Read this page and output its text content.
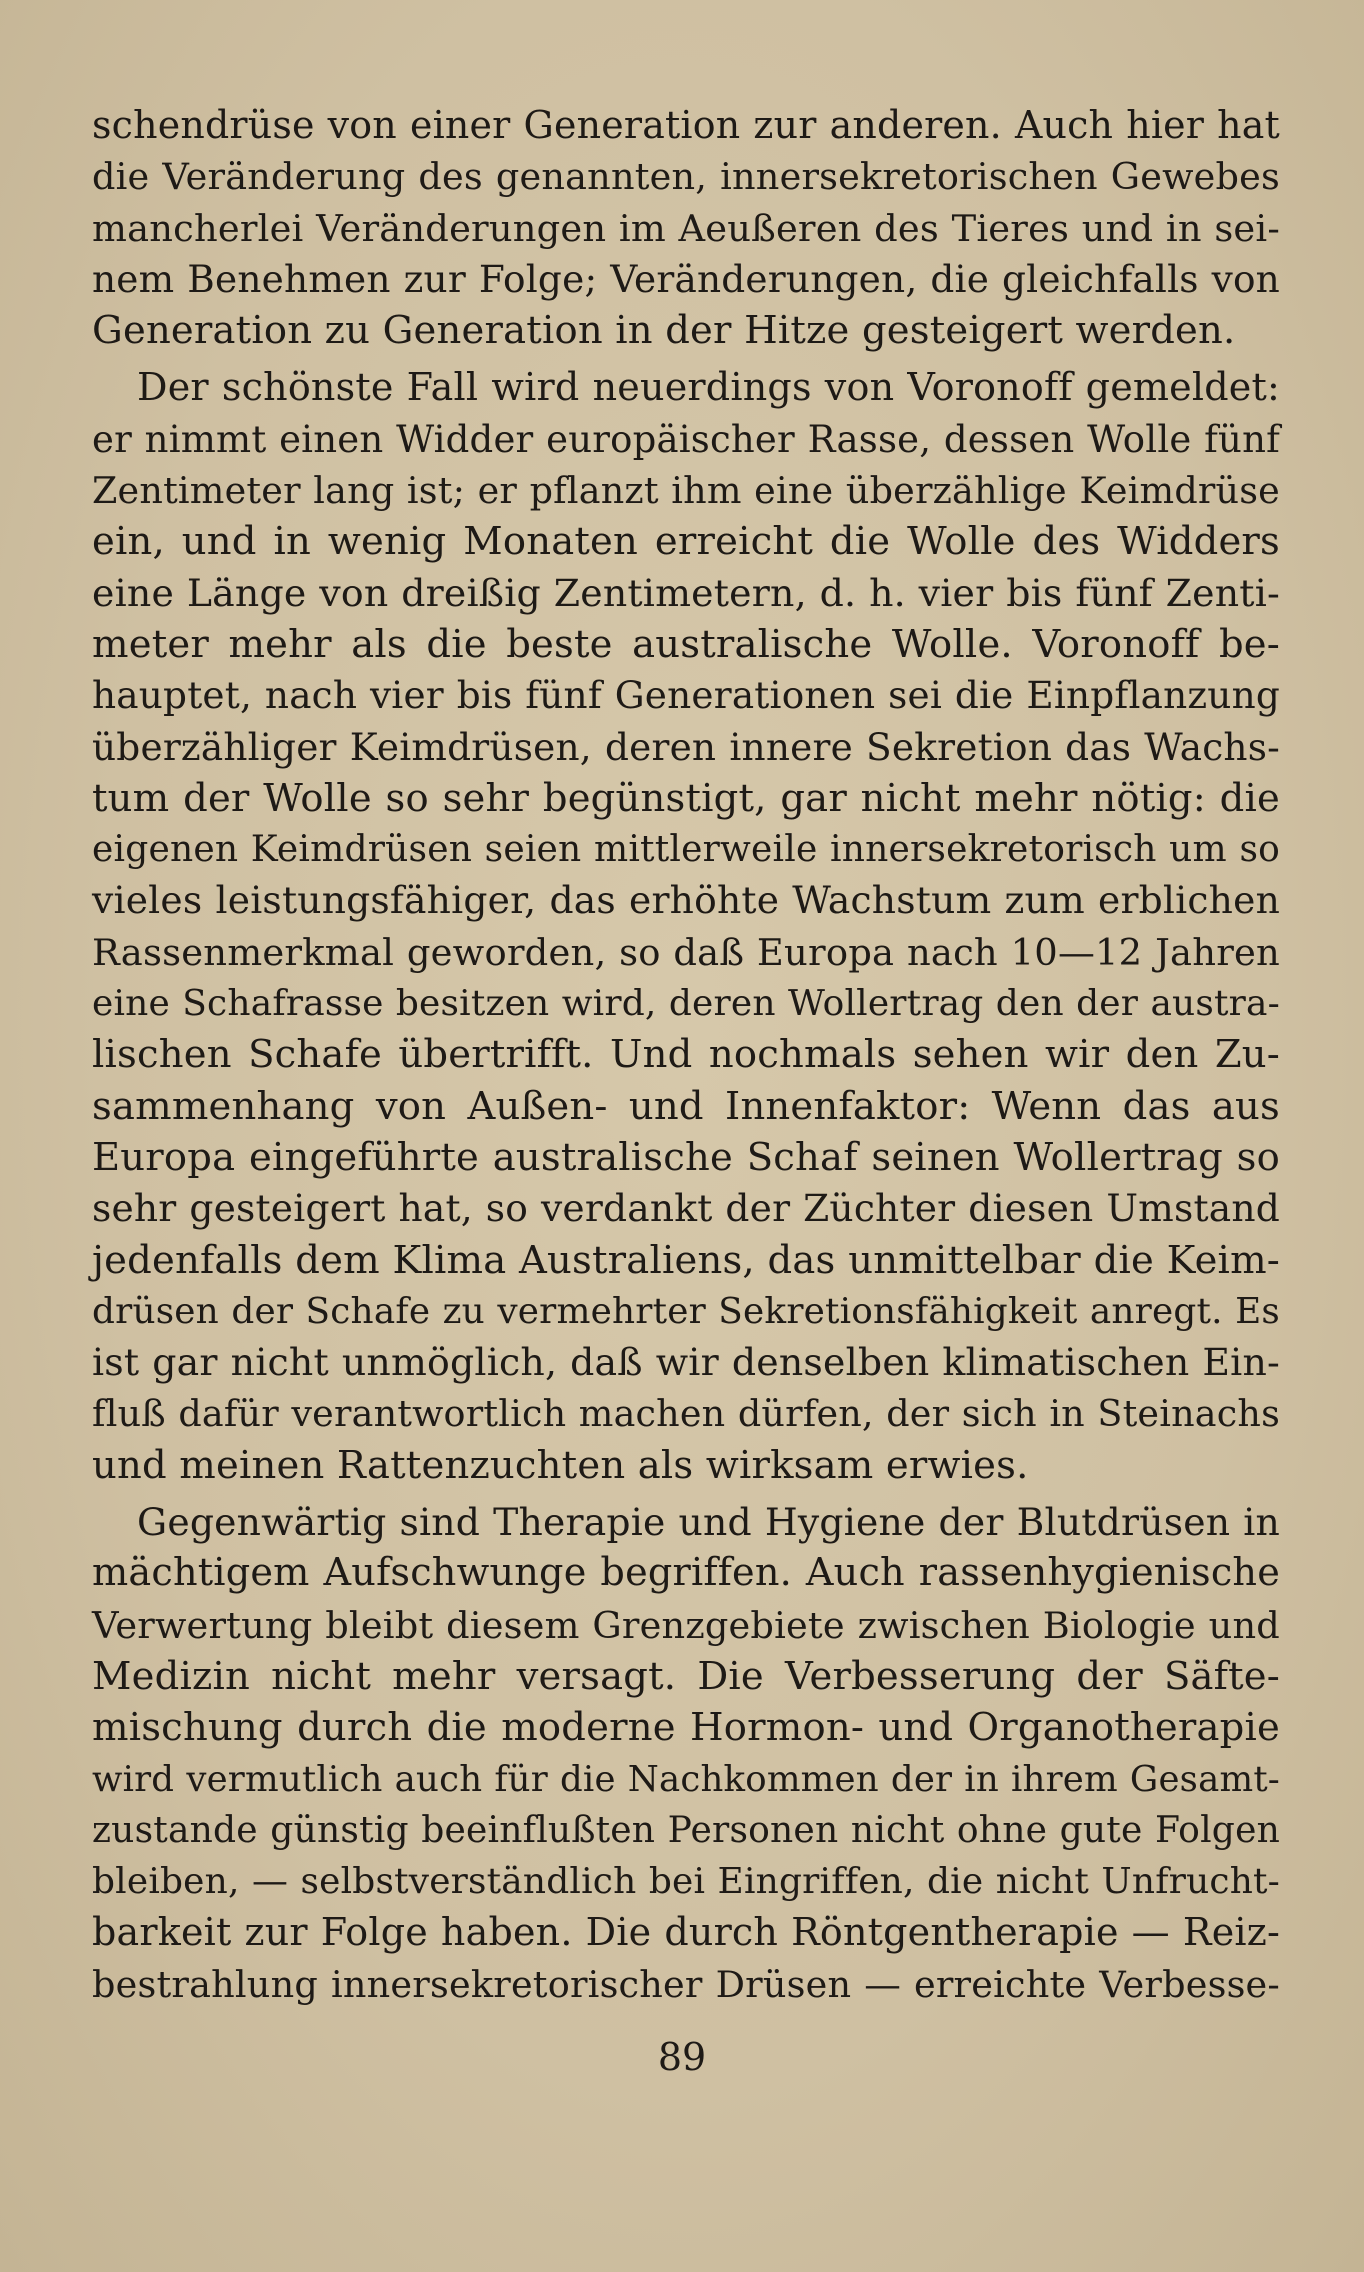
schendrüse von einer Generation zur anderen. Auch hier hat
die Veränderung des genannten, innersekretorischen Gewebes
mancherlei Veränderungen im Aeußeren des Tieres und in sei-
nem Benehmen zur Folge; Veränderungen, die gleichfalls von
Generation zu Generation in der Hitze gesteigert werden.
Der schönste Fall wird neuerdings von Voronoff gemeldet:
er nimmt einen Widder europäischer Rasse, dessen Wolle fünf
Zentimeter lang ist; er pflanzt ihm eine überzählige Keimdrüse
ein, und in wenig Monaten erreicht die Wolle des Widders
eine Länge von dreißig Zentimetern, d. h. vier bis fünf Zenti-
meter mehr als die beste australische Wolle. Voronoff be-
hauptet, nach vier bis fünf Generationen sei die Einpflanzung
überzähliger Keimdrüsen, deren innere Sekretion das Wachs-
tum der Wolle so sehr begünstigt, gar nicht mehr nötig: die
eigenen Keimdrüsen seien mittlerweile innersekretorisch um so
vieles leistungsfähiger, das erhöhte Wachstum zum erblichen
Rassenmerkmal geworden, so daß Europa nach 10—12 Jahren
eine Schafrasse besitzen wird, deren Wollertrag den der austra-
lischen Schafe übertrifft. Und nochmals sehen wir den Zu-
sammenhang von Außen- und Innenfaktor: Wenn das aus
Europa eingeführte australische Schaf seinen Wollertrag so
sehr gesteigert hat, so verdankt der Züchter diesen Umstand
jedenfalls dem Klima Australiens, das unmittelbar die Keim-
drüsen der Schafe zu vermehrter Sekretionsfähigkeit anregt. Es
ist gar nicht unmöglich, daß wir denselben klimatischen Ein-
fluß dafür verantwortlich machen dürfen, der sich in Steinachs
und meinen Rattenzuchten als wirksam erwies.
Gegenwärtig sind Therapie und Hygiene der Blutdrüsen in
mächtigem Aufschwunge begriffen. Auch rassenhygienische
Verwertung bleibt diesem Grenzgebiete zwischen Biologie und
Medizin nicht mehr versagt. Die Verbesserung der Säfte-
mischung durch die moderne Hormon- und Organotherapie
wird vermutlich auch für die Nachkommen der in ihrem Gesamt-
zustande günstig beeinflußten Personen nicht ohne gute Folgen
bleiben, — selbstverständlich bei Eingriffen, die nicht Unfrucht-
barkeit zur Folge haben. Die durch Röntgentherapie — Reiz-
bestrahlung innersekretorischer Drüsen — erreichte Verbesse-
89
